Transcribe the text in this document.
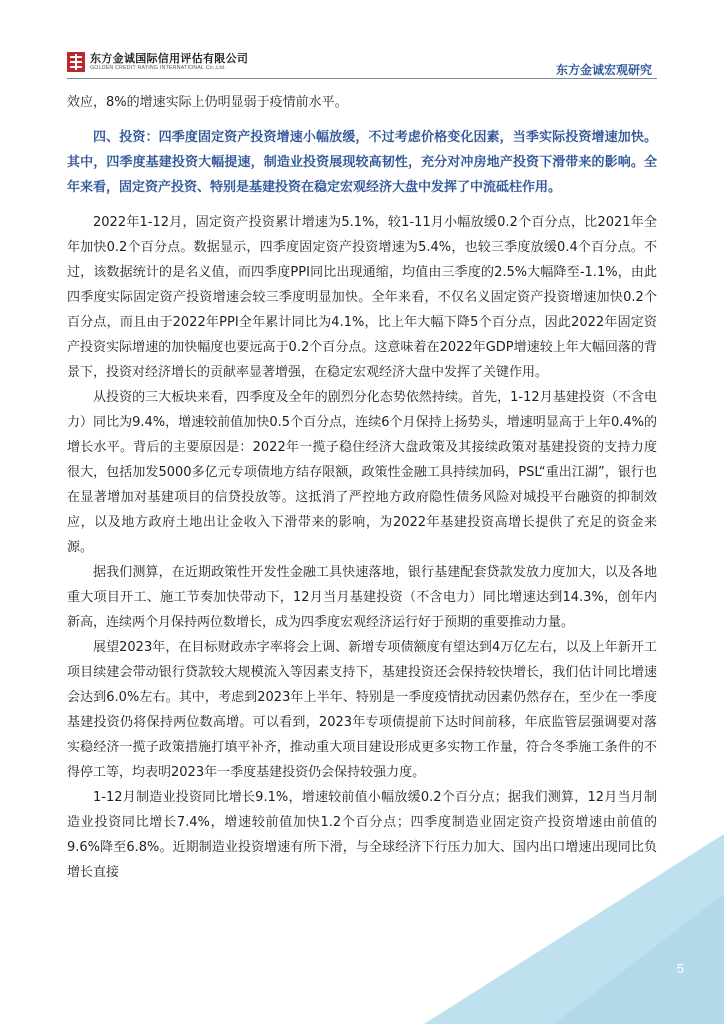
东方金诚国际信用评估有限公司
GOLDEN CREDIT RATING INTERNATIONAL Co.,Ltd.	东方金诚宏观研究

效应，8%的增速实际上仍明显弱于疫情前水平。

四、投资：四季度固定资产投资增速小幅放缓，不过考虑价格变化因素，当季实际投资增速加快。其中，四季度基建投资大幅提速，制造业投资展现较高韧性，充分对冲房地产投资下滑带来的影响。全年来看，固定资产投资、特别是基建投资在稳定宏观经济大盘中发挥了中流砥柱作用。

2022年1-12月，固定资产投资累计增速为5.1%，较1-11月小幅放缓0.2个百分点，比2021年全年加快0.2个百分点。数据显示，四季度固定资产投资增速为5.4%，也较三季度放缓0.4个百分点。不过，该数据统计的是名义值，而四季度PPI同比出现通缩，均值由三季度的2.5%大幅降至-1.1%，由此四季度实际固定资产投资增速会较三季度明显加快。全年来看，不仅名义固定资产投资增速加快0.2个百分点，而且由于2022年PPI全年累计同比为4.1%，比上年大幅下降5个百分点，因此2022年固定资产投资实际增速的加快幅度也要远高于0.2个百分点。这意味着在2022年GDP增速较上年大幅回落的背景下，投资对经济增长的贡献率显著增强，在稳定宏观经济大盘中发挥了关键作用。

从投资的三大板块来看，四季度及全年的剧烈分化态势依然持续。首先，1-12月基建投资（不含电力）同比为9.4%，增速较前值加快0.5个百分点，连续6个月保持上扬势头，增速明显高于上年0.4%的增长水平。背后的主要原因是：2022年一揽子稳住经济大盘政策及其接续政策对基建投资的支持力度很大，包括加发5000多亿元专项债地方结存限额，政策性金融工具持续加码，PSL“重出江湖”，银行也在显著增加对基建项目的信贷投放等。这抵消了严控地方政府隐性债务风险对城投平台融资的抑制效应，以及地方政府土地出让金收入下滑带来的影响，为2022年基建投资高增长提供了充足的资金来源。

据我们测算，在近期政策性开发性金融工具快速落地，银行基建配套贷款发放力度加大，以及各地重大项目开工、施工节奏加快带动下，12月当月基建投资（不含电力）同比增速达到14.3%，创年内新高，连续两个月保持两位数增长，成为四季度宏观经济运行好于预期的重要推动力量。

展望2023年，在目标财政赤字率将会上调、新增专项债额度有望达到4万亿左右，以及上年新开工项目续建会带动银行贷款较大规模流入等因素支持下，基建投资还会保持较快增长，我们估计同比增速会达到6.0%左右。其中，考虑到2023年上半年、特别是一季度疫情扰动因素仍然存在，至少在一季度基建投资仍将保持两位数高增。可以看到，2023年专项债提前下达时间前移，年底监管层强调要对落实稳经济一揽子政策措施打填平补齐，推动重大项目建设形成更多实物工作量，符合冬季施工条件的不得停工等，均表明2023年一季度基建投资仍会保持较强力度。

1-12月制造业投资同比增长9.1%，增速较前值小幅放缓0.2个百分点；据我们测算，12月当月制造业投资同比增长7.4%，增速较前值加快1.2个百分点；四季度制造业固定资产投资增速由前值的9.6%降至6.8%。近期制造业投资增速有所下滑，与全球经济下行压力加大、国内出口增速出现同比负增长直接

5
